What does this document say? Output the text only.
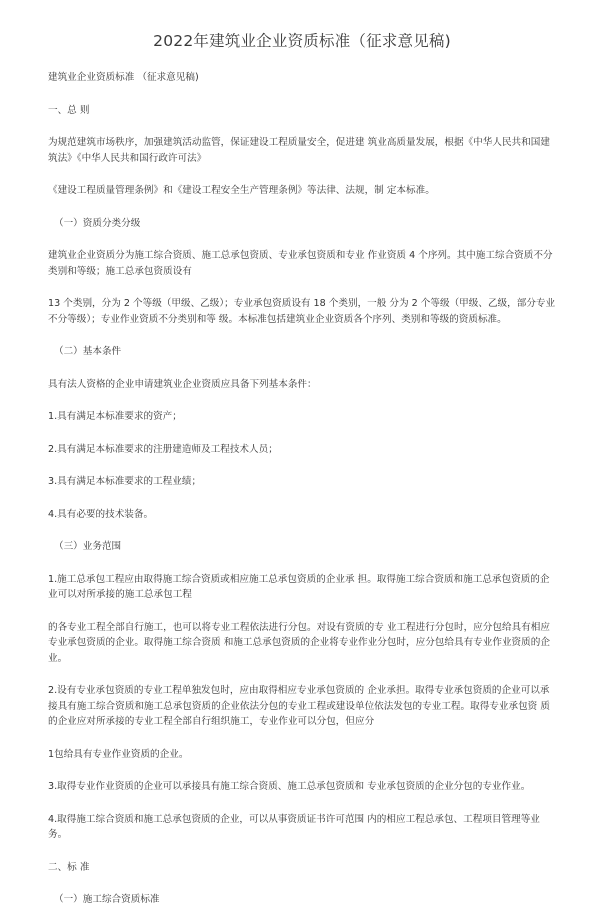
2022年建筑业企业资质标准（征求意见稿)

建筑业企业资质标准 （征求意见稿)

一、总 则

为规范建筑市场秩序，加强建筑活动监管，保证建设工程质量安全，促进建 筑业高质量发展，根据《中华人民共和国建筑法》《中华人民共和国行政许可法》

《建设工程质量管理条例》和《建设工程安全生产管理条例》等法律、法规，制 定本标准。

（一）资质分类分级

建筑业企业资质分为施工综合资质、施工总承包资质、专业承包资质和专业 作业资质 4 个序列。其中施工综合资质不分类别和等级；施工总承包资质设有

13 个类别，分为 2 个等级（甲级、乙级）；专业承包资质设有 18 个类别，一般 分为 2 个等级（甲级、乙级，部分专业不分等级）；专业作业资质不分类别和等 级。本标准包括建筑业企业资质各个序列、类别和等级的资质标准。

（二）基本条件

具有法人资格的企业申请建筑业企业资质应具备下列基本条件：

1.具有满足本标准要求的资产；

2.具有满足本标准要求的注册建造师及工程技术人员；

3.具有满足本标准要求的工程业绩；

4.具有必要的技术装备。

（三）业务范围

1.施工总承包工程应由取得施工综合资质或相应施工总承包资质的企业承 担。取得施工综合资质和施工总承包资质的企业可以对所承接的施工总承包工程

的各专业工程全部自行施工，也可以将专业工程依法进行分包。对设有资质的专 业工程进行分包时，应分包给具有相应专业承包资质的企业。取得施工综合资质 和施工总承包资质的企业将专业作业分包时，应分包给具有专业作业资质的企业。

2.设有专业承包资质的专业工程单独发包时，应由取得相应专业承包资质的 企业承担。取得专业承包资质的企业可以承接具有施工综合资质和施工总承包资质的企业依法分包的专业工程或建设单位依法发包的专业工程。取得专业承包资 质的企业应对所承接的专业工程全部自行组织施工，专业作业可以分包，但应分

1包给具有专业作业资质的企业。

3.取得专业作业资质的企业可以承接具有施工综合资质、施工总承包资质和 专业承包资质的企业分包的专业作业。

4.取得施工综合资质和施工总承包资质的企业，可以从事资质证书许可范围 内的相应工程总承包、工程项目管理等业务。

二、标 准

（一）施工综合资质标准
